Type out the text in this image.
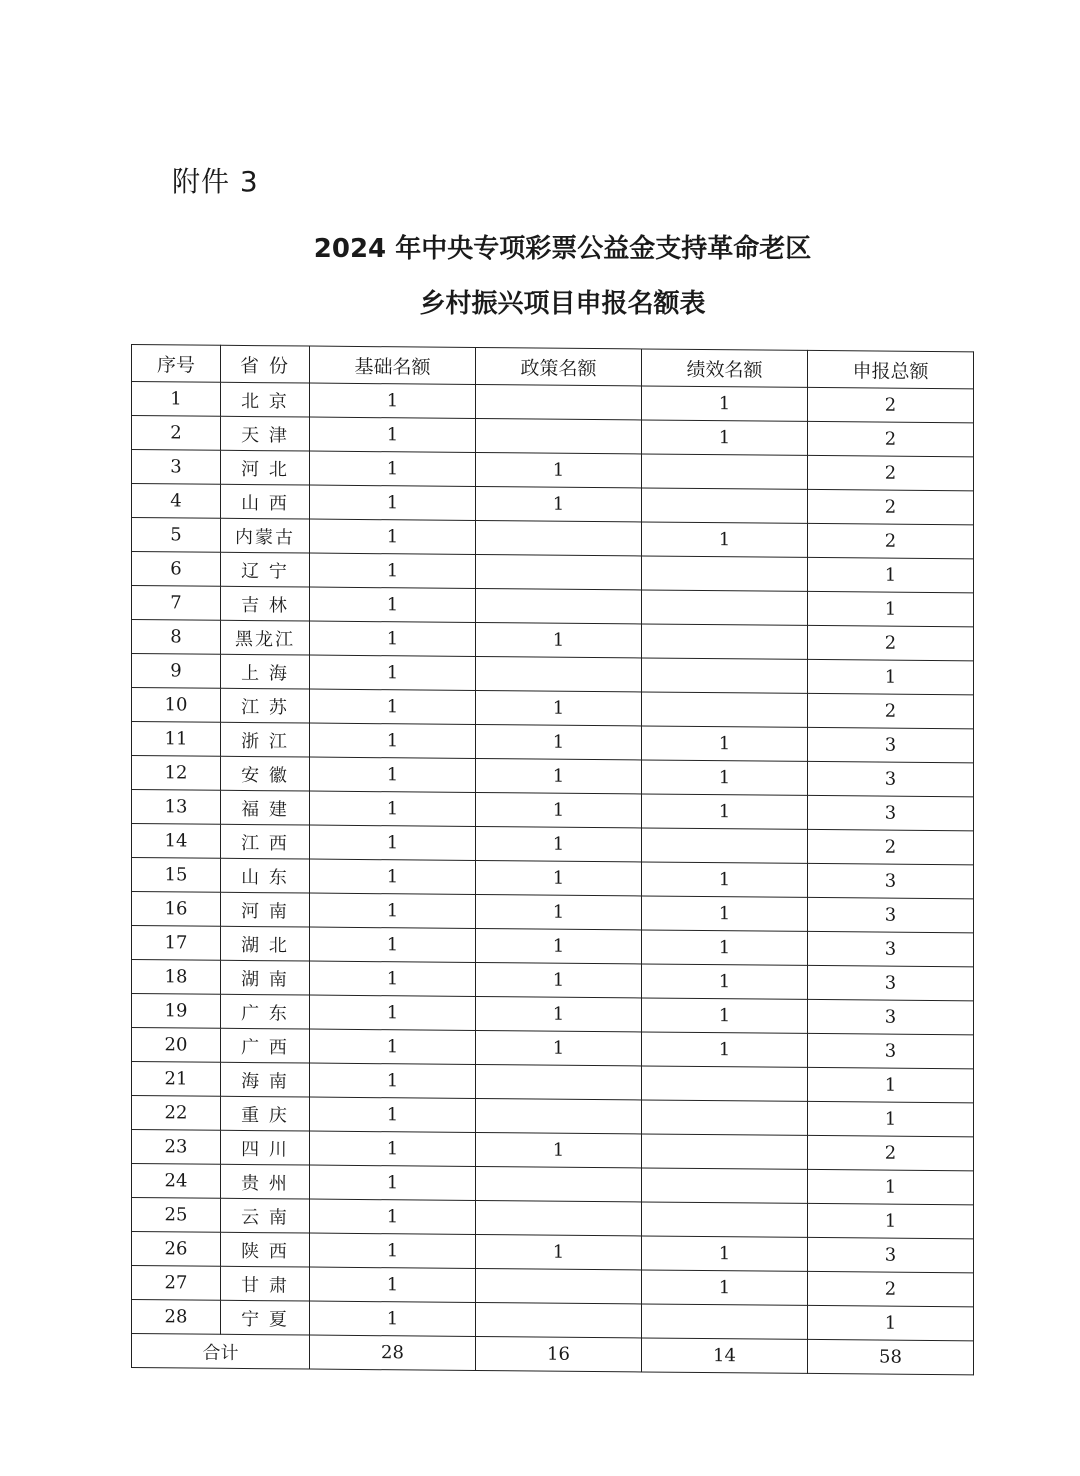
附件 3
2024 年中央专项彩票公益金支持革命老区
乡村振兴项目申报名额表
序号	省 份	基础名额	政策名额	绩效名额	申报总额
1	北 京	1		1	2
2	天 津	1		1	2
3	河 北	1	1		2
4	山 西	1	1		2
5	内蒙古	1		1	2
6	辽 宁	1			1
7	吉 林	1			1
8	黑龙江	1	1		2
9	上 海	1			1
10	江 苏	1	1		2
11	浙 江	1	1	1	3
12	安 徽	1	1	1	3
13	福 建	1	1	1	3
14	江 西	1	1		2
15	山 东	1	1	1	3
16	河 南	1	1	1	3
17	湖 北	1	1	1	3
18	湖 南	1	1	1	3
19	广 东	1	1	1	3
20	广 西	1	1	1	3
21	海 南	1			1
22	重 庆	1			1
23	四 川	1	1		2
24	贵 州	1			1
25	云 南	1			1
26	陕 西	1	1	1	3
27	甘 肃	1		1	2
28	宁 夏	1			1
合计		28	16	14	58
